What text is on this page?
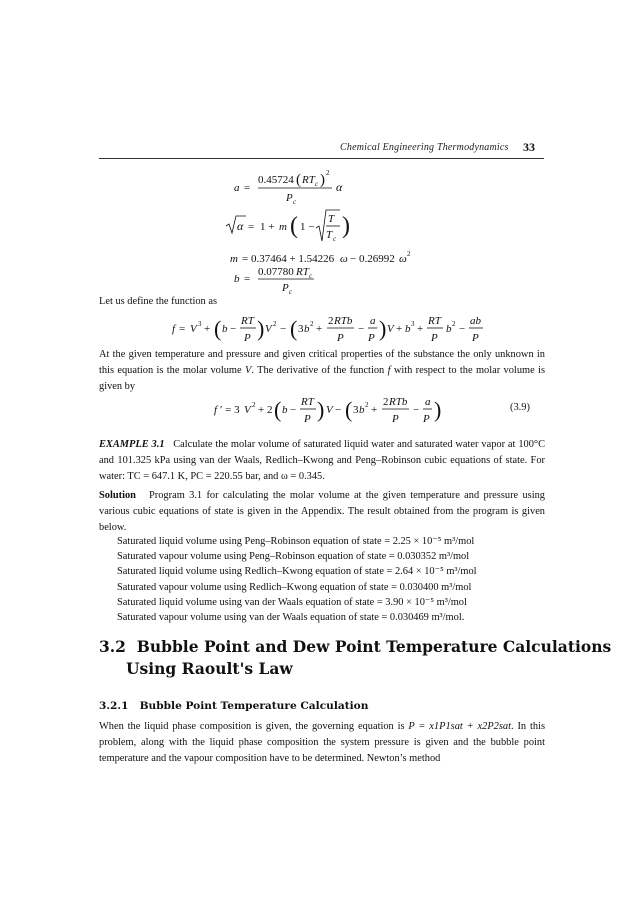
Chemical Engineering Thermodynamics 33
a =
0.45724 ( RT c ) 2
P c
α
α = 1 + m ( 1 −
T
T c )
m = 0.37464 + 1.54226 ω − 0.26992 ω 2
b =
0.07780 RT c
P c
Let us define the function as
f = V 3 + ( b −
RT
P ) V 2 − ( 3 b 2 +
2 RTb
P
−
a
P ) V + b 3 +
RT
P
b 2 −
ab
P
At the given temperature and pressure and given critical properties of the substance the only unknown in this equation is the molar volume V. The derivative of the function f with respect to the molar volume is given by
f ′ = 3 V 2 + 2 ( b −
RT
P ) V − ( 3 b 2 +
2 RTb
P
−
a
P )	(3.9)
EXAMPLE 3.1 Calculate the molar volume of saturated liquid water and saturated water vapor at 100°C and 101.325 kPa using van der Waals, Redlich–Kwong and Peng–Robinson cubic equations of state. For water: TC = 647.1 K, PC = 220.55 bar, and ω = 0.345.
Solution Program 3.1 for calculating the molar volume at the given temperature and pressure using various cubic equations of state is given in the Appendix. The result obtained from the program is given below.
Saturated liquid volume using Peng–Robinson equation of state = 2.25 × 10⁻⁵ m³/mol
Saturated vapour volume using Peng–Robinson equation of state = 0.030352 m³/mol
Saturated liquid volume using Redlich–Kwong equation of state = 2.64 × 10⁻⁵ m³/mol
Saturated vapour volume using Redlich–Kwong equation of state = 0.030400 m³/mol
Saturated liquid volume using van der Waals equation of state = 3.90 × 10⁻⁵ m³/mol
Saturated vapour volume using van der Waals equation of state = 0.030469 m³/mol.
3.2 Bubble Point and Dew Point Temperature Calculations
Using Raoult's Law
3.2.1 Bubble Point Temperature Calculation
When the liquid phase composition is given, the governing equation is P = x1P1sat + x2P2sat. In this problem, along with the liquid phase composition the system pressure is given and the bubble point temperature and the vapour composition have to be determined. Newton’s method
